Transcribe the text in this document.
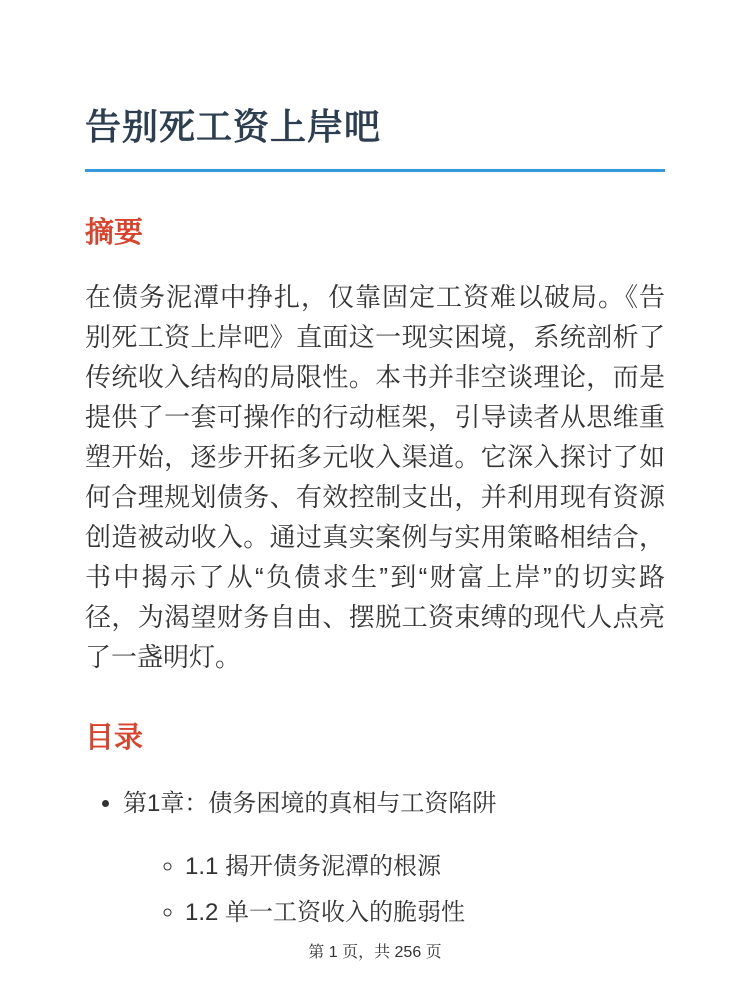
告别死工资上岸吧
摘要

在债务泥潭中挣扎，仅靠固定工资难以破局。《告别死工资上岸吧》直面这一现实困境，系统剖析了传统收入结构的局限性。本书并非空谈理论，而是提供了一套可操作的行动框架，引导读者从思维重塑开始，逐步开拓多元收入渠道。它深入探讨了如何合理规划债务、有效控制支出，并利用现有资源创造被动收入。通过真实案例与实用策略相结合，书中揭示了从“负债求生”到“财富上岸”的切实路径，为渴望财务自由、摆脱工资束缚的现代人点亮了一盏明灯。

目录
• 第1章：债务困境的真相与工资陷阱
◦ 1.1 揭开债务泥潭的根源
◦ 1.2 单一工资收入的脆弱性
第 1 页，共 256 页
